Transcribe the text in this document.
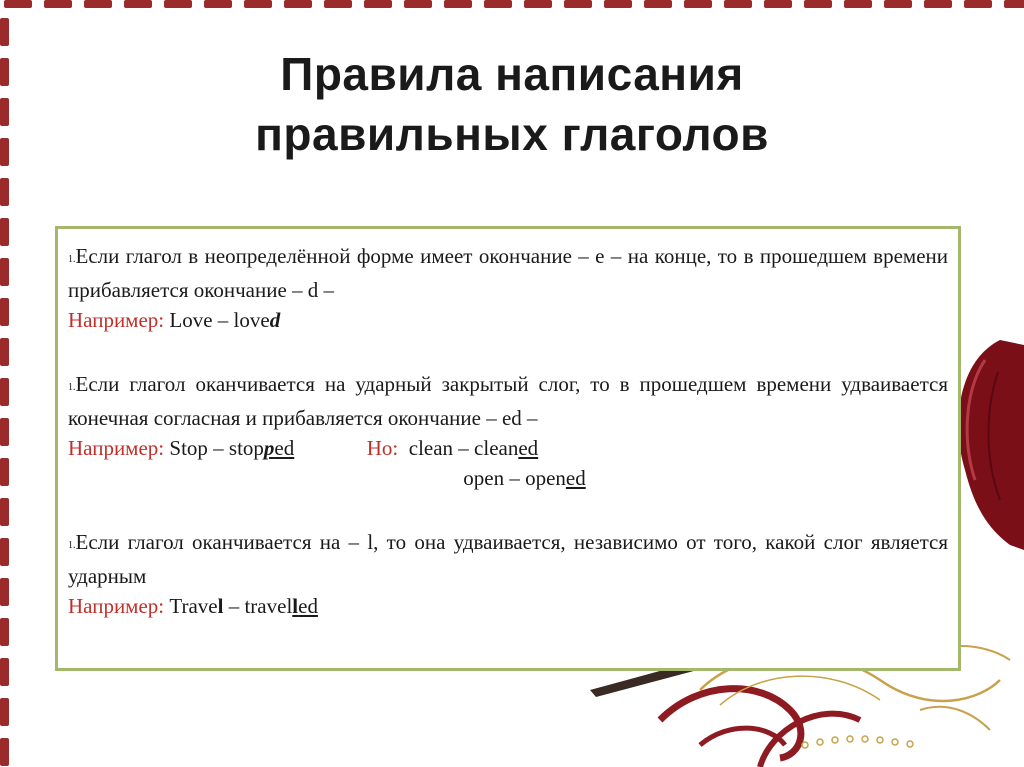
Правила написания
правильных глаголов
1.Если глагол в неопределённой форме имеет окончание – e – на конце, то в прошедшем времени прибавляется окончание – d –
Например: Love – loved
1.Если глагол оканчивается на ударный закрытый слог, то в прошедшем времени удваивается конечная согласная и прибавляется окончание – ed –
Например: Stop – stopped	Но: clean – cleaned
open – opened
1.Если глагол оканчивается на – l, то она удваивается, независимо от того, какой слог является ударным
Например: Travel – travelled
